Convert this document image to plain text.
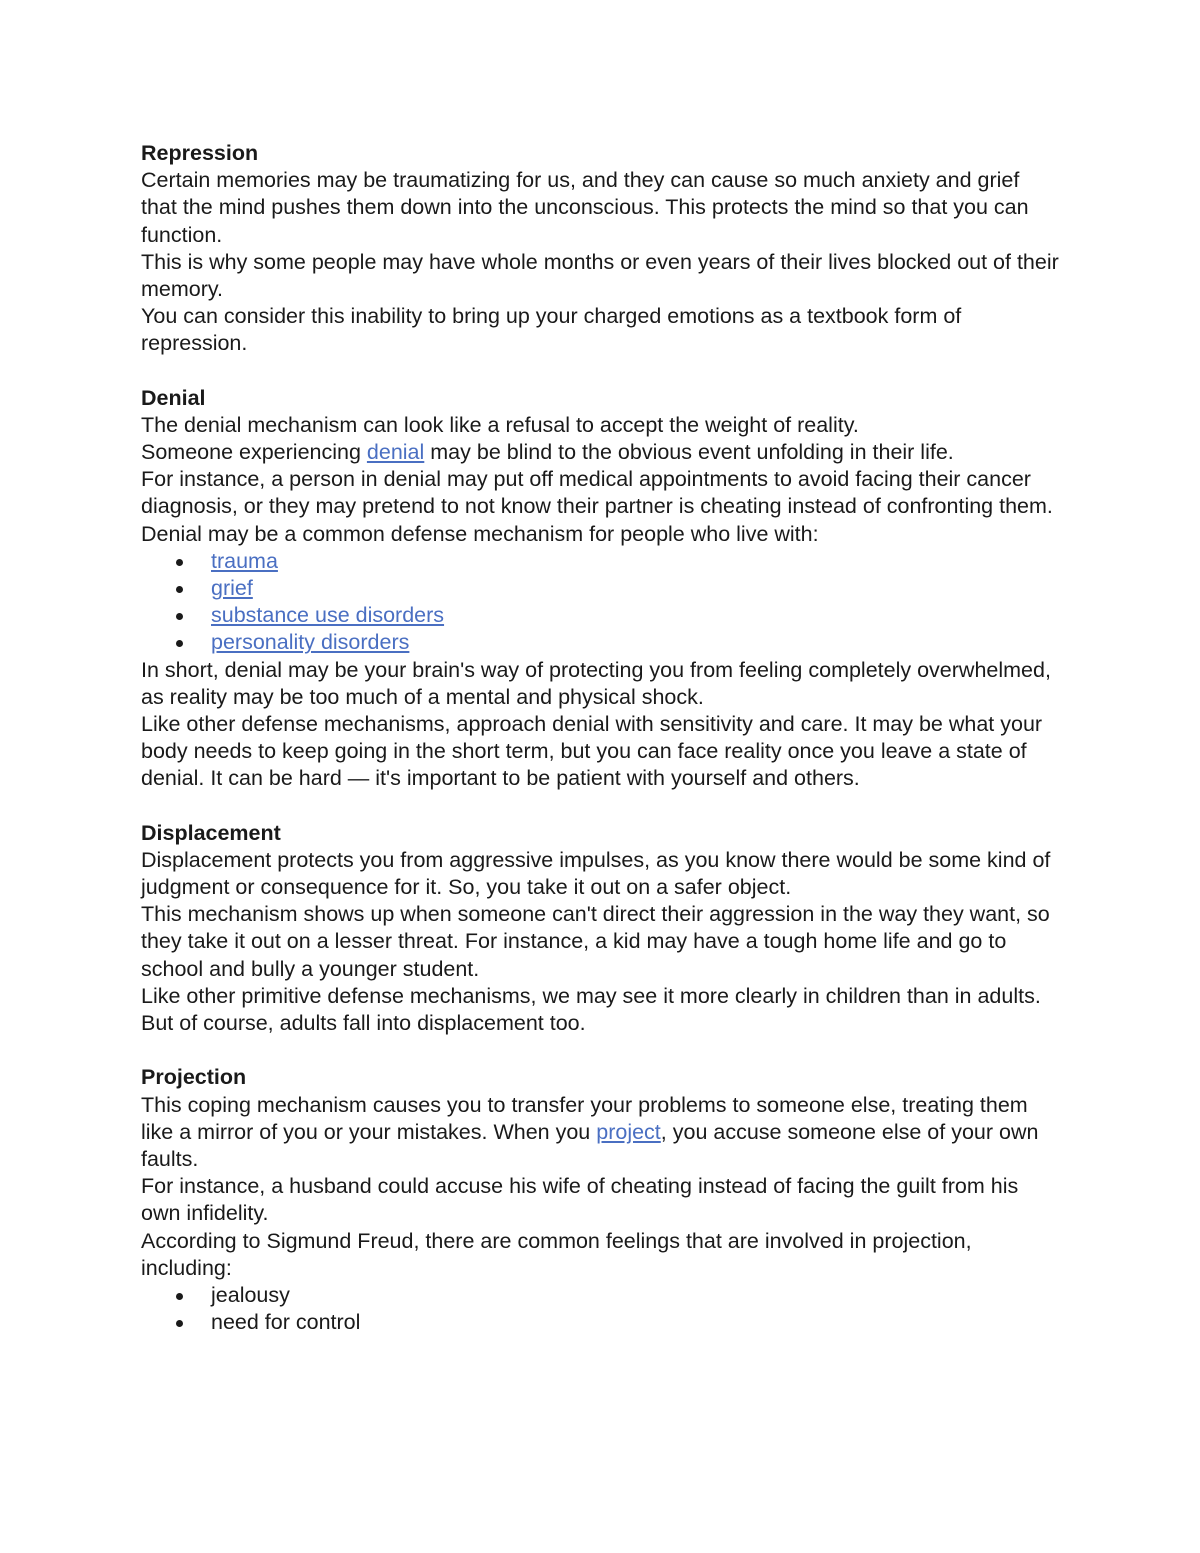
Repression

Certain memories may be traumatizing for us, and they can cause so much anxiety and grief that the mind pushes them down into the unconscious. This protects the mind so that you can function.

This is why some people may have whole months or even years of their lives blocked out of their memory.

You can consider this inability to bring up your charged emotions as a textbook form of repression.

Denial

The denial mechanism can look like a refusal to accept the weight of reality.

Someone experiencing denial may be blind to the obvious event unfolding in their life.

For instance, a person in denial may put off medical appointments to avoid facing their cancer diagnosis, or they may pretend to not know their partner is cheating instead of confronting them.

Denial may be a common defense mechanism for people who live with:

trauma
grief
substance use disorders
personality disorders

In short, denial may be your brain's way of protecting you from feeling completely overwhelmed, as reality may be too much of a mental and physical shock.

Like other defense mechanisms, approach denial with sensitivity and care. It may be what your body needs to keep going in the short term, but you can face reality once you leave a state of denial. It can be hard — it's important to be patient with yourself and others.

Displacement

Displacement protects you from aggressive impulses, as you know there would be some kind of judgment or consequence for it. So, you take it out on a safer object.

This mechanism shows up when someone can't direct their aggression in the way they want, so they take it out on a lesser threat. For instance, a kid may have a tough home life and go to school and bully a younger student.

Like other primitive defense mechanisms, we may see it more clearly in children than in adults. But of course, adults fall into displacement too.

Projection

This coping mechanism causes you to transfer your problems to someone else, treating them like a mirror of you or your mistakes. When you project, you accuse someone else of your own faults.

For instance, a husband could accuse his wife of cheating instead of facing the guilt from his own infidelity.

According to Sigmund Freud, there are common feelings that are involved in projection, including:

jealousy
need for control
